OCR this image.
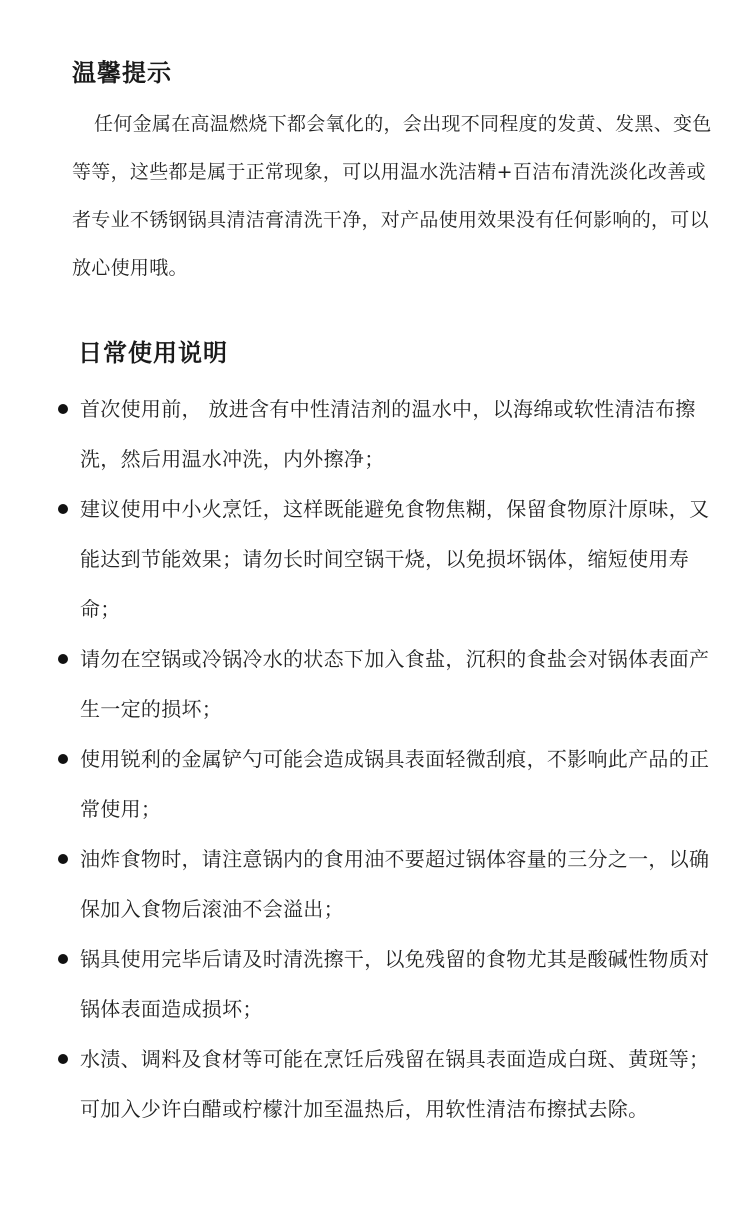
温馨提示

任何金属在高温燃烧下都会氧化的，会出现不同程度的发黄、发黑、变色等等，这些都是属于正常现象，可以用温水洗洁精+百洁布清洗淡化改善或者专业不锈钢锅具清洁膏清洗干净，对产品使用效果没有任何影响的，可以放心使用哦。

日常使用说明
首次使用前， 放进含有中性清洁剂的温水中，以海绵或软性清洁布擦洗，然后用温水冲洗，内外擦净；
建议使用中小火烹饪，这样既能避免食物焦糊，保留食物原汁原味，又能达到节能效果；请勿长时间空锅干烧，以免损坏锅体，缩短使用寿命；
请勿在空锅或冷锅冷水的状态下加入食盐，沉积的食盐会对锅体表面产生一定的损坏；
使用锐利的金属铲勺可能会造成锅具表面轻微刮痕，不影响此产品的正常使用；
油炸食物时，请注意锅内的食用油不要超过锅体容量的三分之一，以确保加入食物后滚油不会溢出；
锅具使用完毕后请及时清洗擦干，以免残留的食物尤其是酸碱性物质对锅体表面造成损坏；
水渍、调料及食材等可能在烹饪后残留在锅具表面造成白斑、黄斑等；可加入少许白醋或柠檬汁加至温热后，用软性清洁布擦拭去除。
